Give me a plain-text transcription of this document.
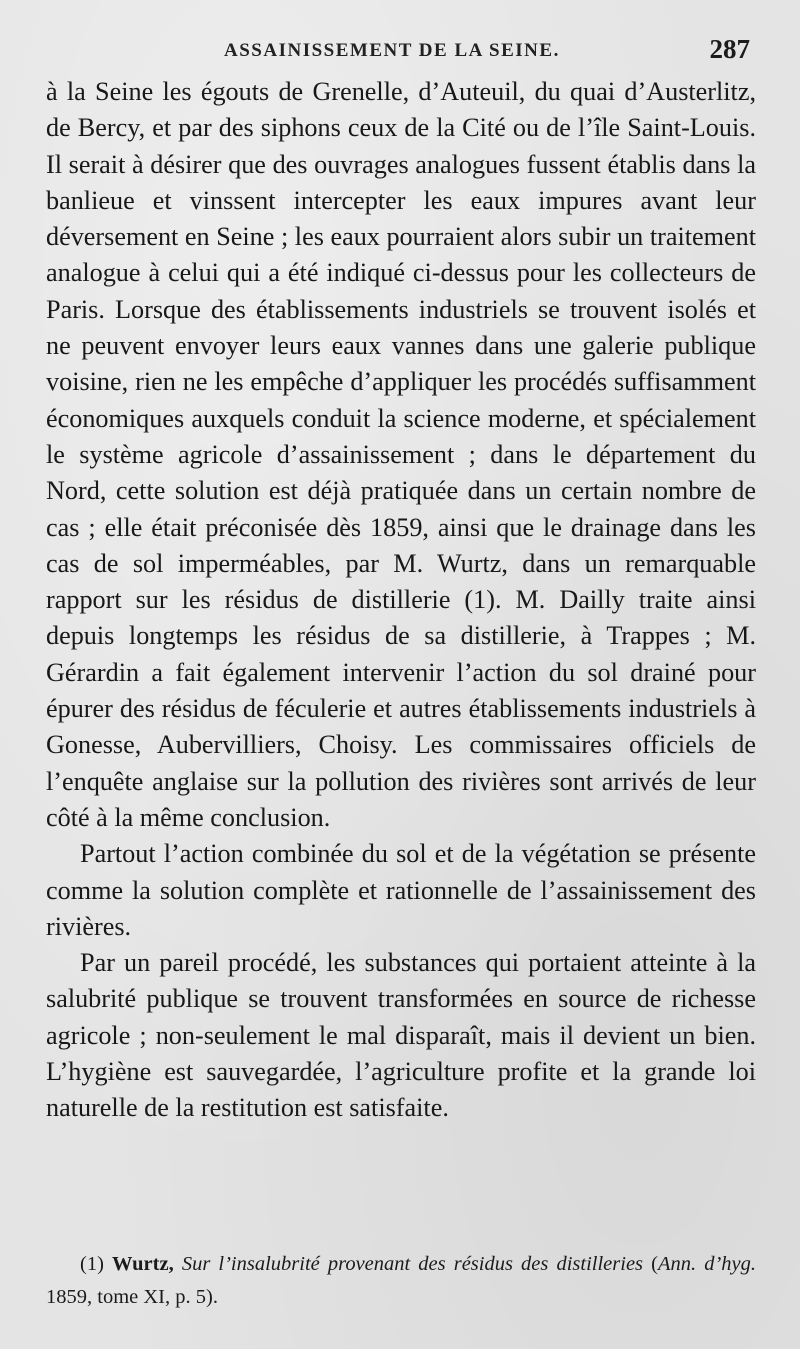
ASSAINISSEMENT DE LA SEINE.	287

à la Seine les égouts de Grenelle, d’Auteuil, du quai d’Austerlitz, de Bercy, et par des siphons ceux de la Cité ou de l’île Saint-Louis. Il serait à désirer que des ouvrages analogues fussent établis dans la banlieue et vinssent intercepter les eaux impures avant leur déversement en Seine ; les eaux pourraient alors subir un traitement analogue à celui qui a été indiqué ci-dessus pour les collecteurs de Paris. Lorsque des établissements industriels se trouvent isolés et ne peuvent envoyer leurs eaux vannes dans une galerie publique voisine, rien ne les empêche d’appliquer les procédés suffisamment économiques auxquels conduit la science moderne, et spécialement le système agricole d’assainissement ; dans le département du Nord, cette solution est déjà pratiquée dans un certain nombre de cas ; elle était préconisée dès 1859, ainsi que le drainage dans les cas de sol imperméables, par M. Wurtz, dans un remarquable rapport sur les résidus de distillerie (1). M. Dailly traite ainsi depuis longtemps les résidus de sa distillerie, à Trappes ; M. Gérardin a fait également intervenir l’action du sol drainé pour épurer des résidus de féculerie et autres établissements industriels à Gonesse, Aubervilliers, Choisy. Les commissaires officiels de l’enquête anglaise sur la pollution des rivières sont arrivés de leur côté à la même conclusion.

Partout l’action combinée du sol et de la végétation se présente comme la solution complète et rationnelle de l’assainissement des rivières.

Par un pareil procédé, les substances qui portaient atteinte à la salubrité publique se trouvent transformées en source de richesse agricole ; non-seulement le mal disparaît, mais il devient un bien. L’hygiène est sauvegardée, l’agriculture profite et la grande loi naturelle de la restitution est satisfaite.

(1) Wurtz, Sur l’insalubrité provenant des résidus des distilleries (Ann. d’hyg. 1859, tome XI, p. 5).
